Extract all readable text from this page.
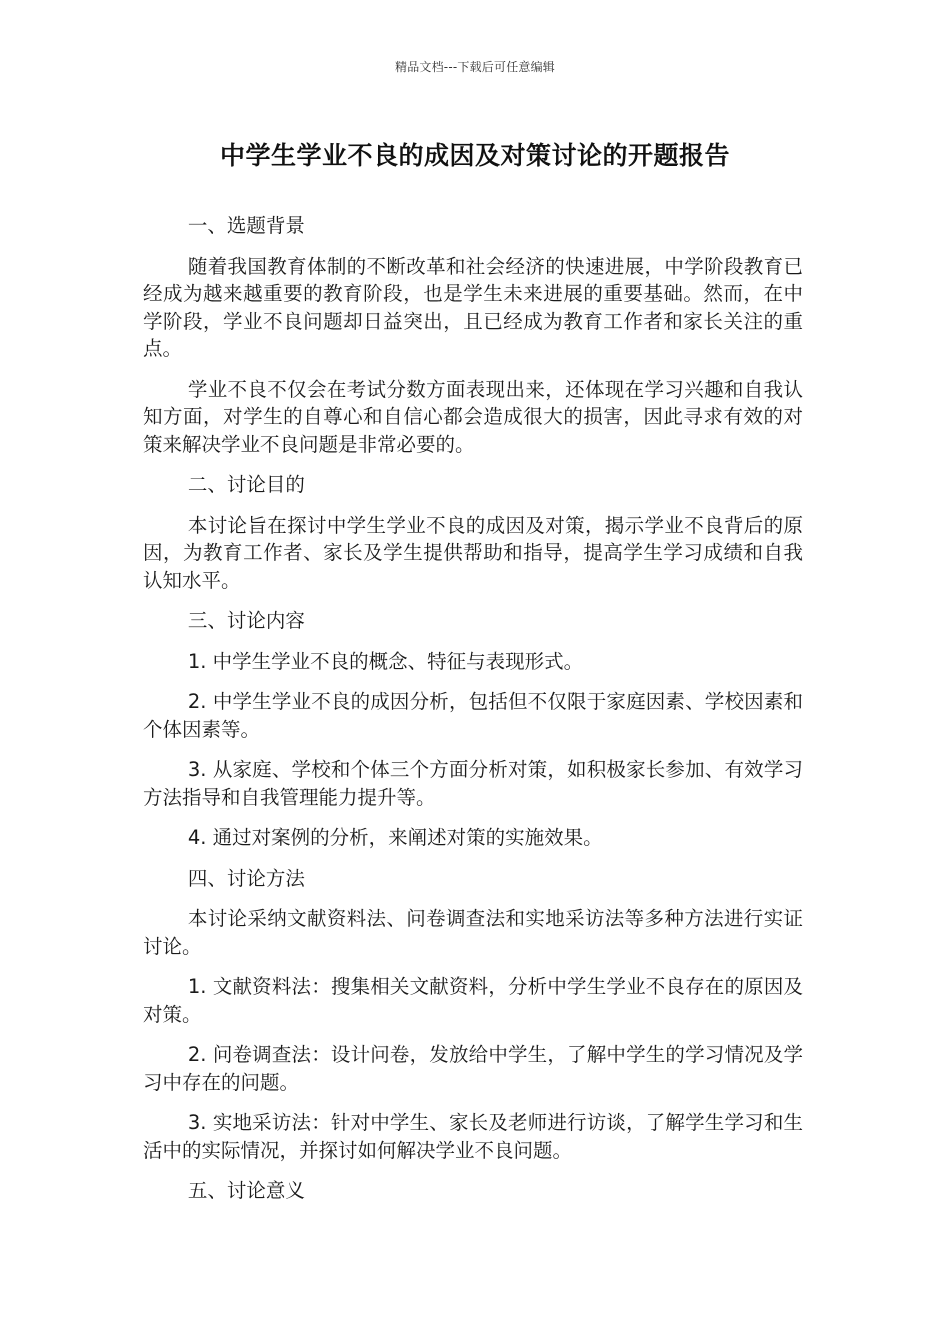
精品文档---下载后可任意编辑
中学生学业不良的成因及对策讨论的开题报告

一、选题背景

随着我国教育体制的不断改革和社会经济的快速进展，中学阶段教育已经成为越来越重要的教育阶段，也是学生未来进展的重要基础。然而，在中学阶段，学业不良问题却日益突出，且已经成为教育工作者和家长关注的重点。

学业不良不仅会在考试分数方面表现出来，还体现在学习兴趣和自我认知方面，对学生的自尊心和自信心都会造成很大的损害，因此寻求有效的对策来解决学业不良问题是非常必要的。

二、讨论目的

本讨论旨在探讨中学生学业不良的成因及对策，揭示学业不良背后的原因，为教育工作者、家长及学生提供帮助和指导，提高学生学习成绩和自我认知水平。

三、讨论内容

1. 中学生学业不良的概念、特征与表现形式。

2. 中学生学业不良的成因分析，包括但不仅限于家庭因素、学校因素和个体因素等。

3. 从家庭、学校和个体三个方面分析对策，如积极家长参加、有效学习方法指导和自我管理能力提升等。

4. 通过对案例的分析，来阐述对策的实施效果。

四、讨论方法

本讨论采纳文献资料法、问卷调查法和实地采访法等多种方法进行实证讨论。

1. 文献资料法：搜集相关文献资料，分析中学生学业不良存在的原因及对策。

2. 问卷调查法：设计问卷，发放给中学生，了解中学生的学习情况及学习中存在的问题。

3. 实地采访法：针对中学生、家长及老师进行访谈，了解学生学习和生活中的实际情况，并探讨如何解决学业不良问题。

五、讨论意义
